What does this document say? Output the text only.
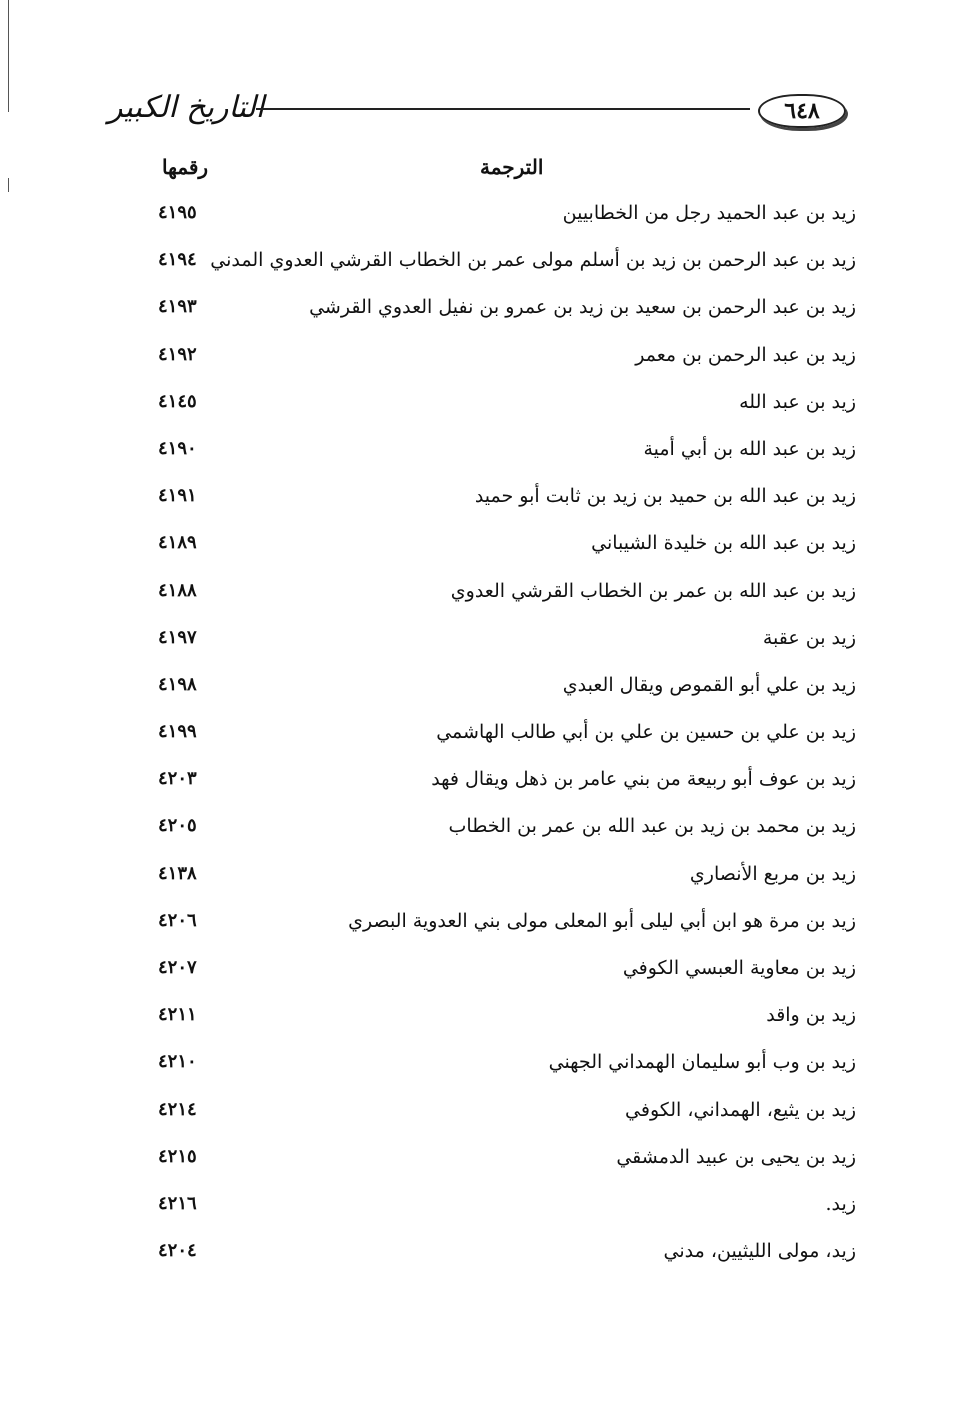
التاريخ الكبير	٦٤٨
رقمها	الترجمة
زيد بن عبد الحميد رجل من الخطابيين
٤١٩٥
زيد بن عبد الرحمن بن زيد بن أسلم مولى عمر بن الخطاب القرشي العدوي المدني
٤١٩٤
زيد بن عبد الرحمن بن سعيد بن زيد بن عمرو بن نفيل العدوي القرشي
٤١٩٣
زيد بن عبد الرحمن بن معمر
٤١٩٢
زيد بن عبد الله
٤١٤٥
زيد بن عبد الله بن أبي أمية
٤١٩٠
زيد بن عبد الله بن حميد بن زيد بن ثابت أبو حميد
٤١٩١
زيد بن عبد الله بن خليدة الشيباني
٤١٨٩
زيد بن عبد الله بن عمر بن الخطاب القرشي العدوي
٤١٨٨
زيد بن عقبة
٤١٩٧
زيد بن علي أبو القموص ويقال العبدي
٤١٩٨
زيد بن علي بن حسين بن علي بن أبي طالب الهاشمي
٤١٩٩
زيد بن عوف أبو ربيعة من بني عامر بن ذهل ويقال فهد
٤٢٠٣
زيد بن محمد بن زيد بن عبد الله بن عمر بن الخطاب
٤٢٠٥
زيد بن مربع الأنصاري
٤١٣٨
زيد بن مرة هو ابن أبي ليلى أبو المعلى مولى بني العدوية البصري
٤٢٠٦
زيد بن معاوية العبسي الكوفي
٤٢٠٧
زيد بن واقد
٤٢١١
زيد بن وب أبو سليمان الهمداني الجهني
٤٢١٠
زيد بن يثيع، الهمداني، الكوفي
٤٢١٤
زيد بن يحيى بن عبيد الدمشقي
٤٢١٥
زيد.
٤٢١٦
زيد، مولى الليثيين، مدني
٤٢٠٤
